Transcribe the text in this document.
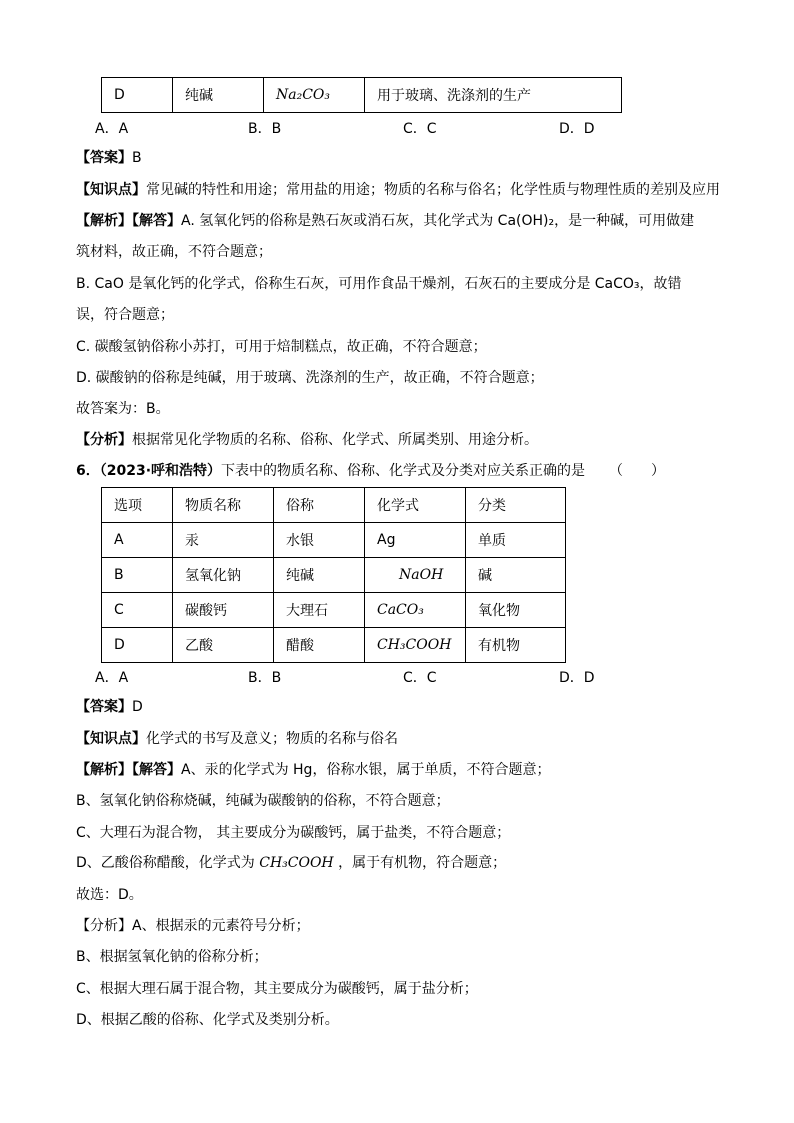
D	纯碱	Na₂CO₃	用于玻璃、洗涤剂的生产
A．A	B．B	C．C	D．D
【答案】B
【知识点】常见碱的特性和用途；常用盐的用途；物质的名称与俗名；化学性质与物理性质的差别及应用
【解析】【解答】A. 氢氧化钙的俗称是熟石灰或消石灰，其化学式为 Ca(OH)₂，是一种碱，可用做建
筑材料，故正确，不符合题意；
B. CaO 是氧化钙的化学式，俗称生石灰，可用作食品干燥剂，石灰石的主要成分是 CaCO₃，故错
误，符合题意；
C. 碳酸氢钠俗称小苏打，可用于焙制糕点，故正确，不符合题意；
D. 碳酸钠的俗称是纯碱，用于玻璃、洗涤剂的生产，故正确，不符合题意；
故答案为：B。
【分析】根据常见化学物质的名称、俗称、化学式、所属类别、用途分析。
6．（2023·呼和浩特）下表中的物质名称、俗称、化学式及分类对应关系正确的是 （　　）
选项	物质名称	俗称	化学式	分类
A	汞	水银	Ag	单质
B	氢氧化钠	纯碱	NaOH	碱
C	碳酸钙	大理石	CaCO₃	氧化物
D	乙酸	醋酸	CH₃COOH	有机物
A．A	B．B	C．C	D．D
【答案】D
【知识点】化学式的书写及意义；物质的名称与俗名
【解析】【解答】A、汞的化学式为 Hg，俗称水银，属于单质，不符合题意；
B、氢氧化钠俗称烧碱，纯碱为碳酸钠的俗称，不符合题意；
C、大理石为混合物， 其主要成分为碳酸钙，属于盐类，不符合题意；
D、乙酸俗称醋酸，化学式为 CH₃COOH ，属于有机物，符合题意；
故选：D。
【分析】A、根据汞的元素符号分析；
B、根据氢氧化钠的俗称分析；
C、根据大理石属于混合物，其主要成分为碳酸钙，属于盐分析；
D、根据乙酸的俗称、化学式及类别分析。
